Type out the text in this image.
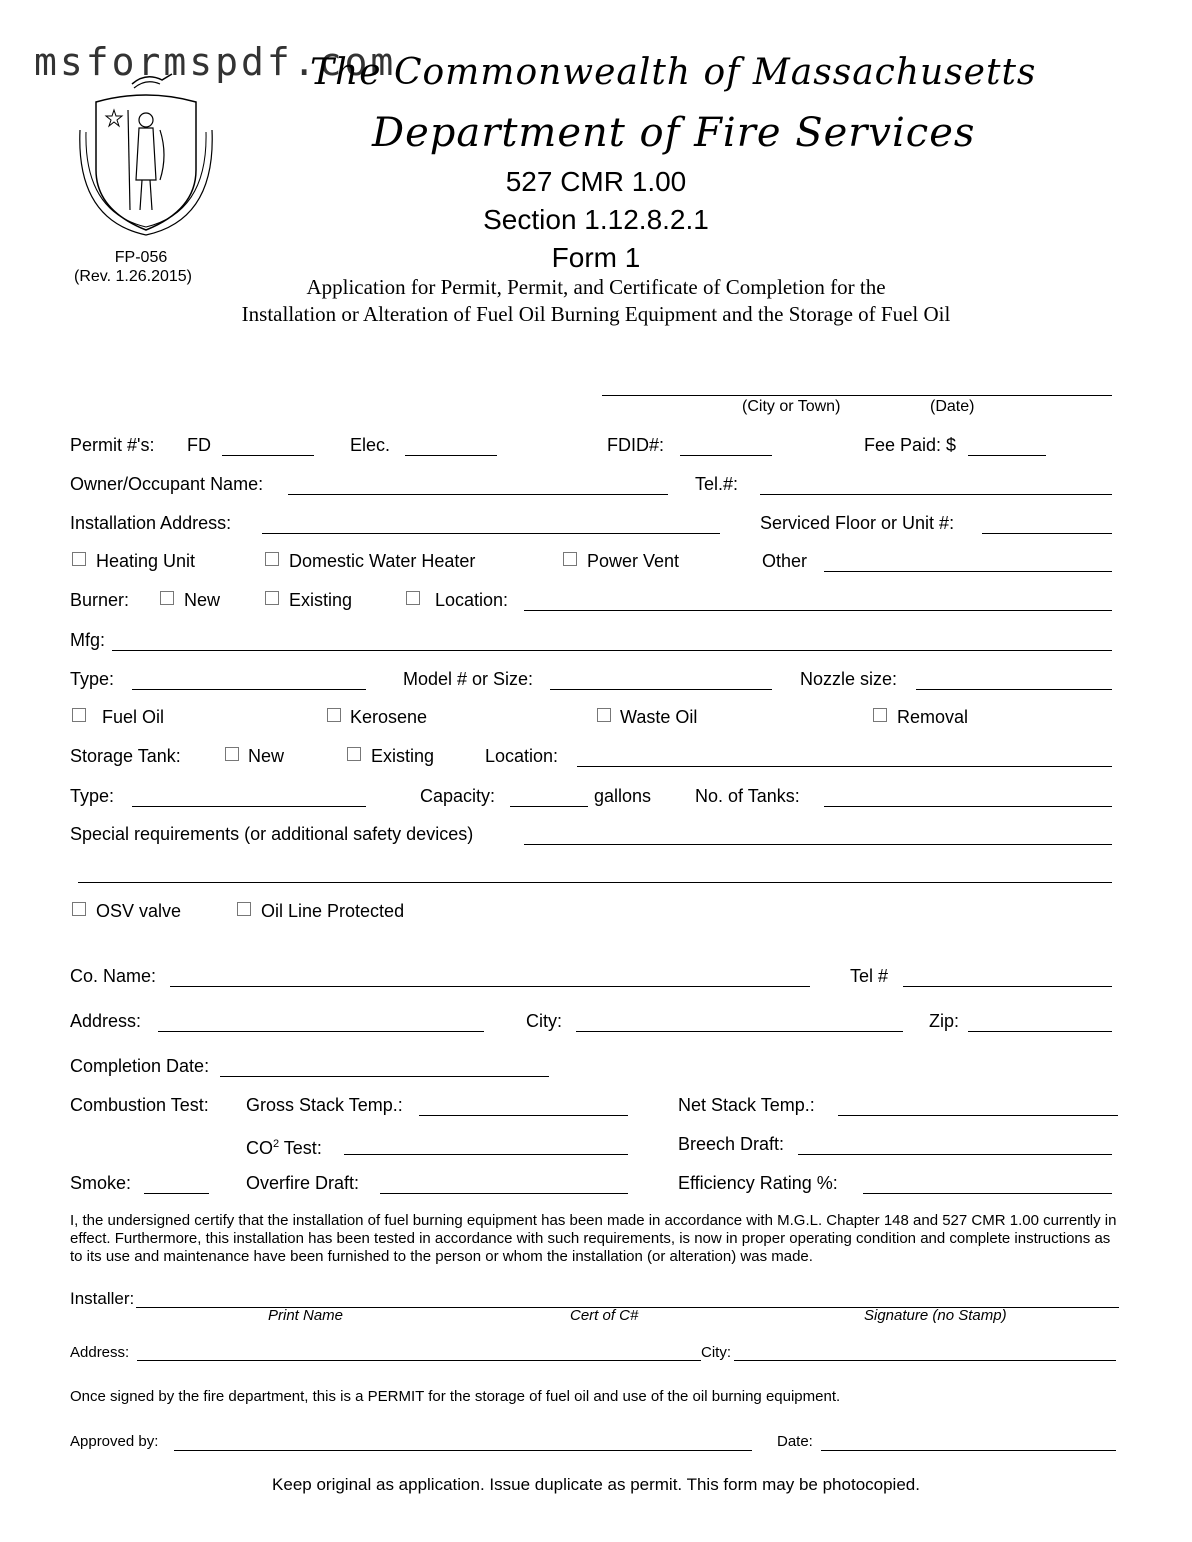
msformspdf.com
The Commonwealth of Massachusetts
Department of Fire Services
527 CMR 1.00
Section 1.12.8.2.1
Form 1
FP-056
(Rev. 1.26.2015)	Application for Permit, Permit, and Certificate of Completion for the
Installation or Alteration of Fuel Oil Burning Equipment and the Storage of Fuel Oil
(City or Town)	(Date)
Permit #'s: FD	Elec.	FDID#:	Fee Paid: $
Owner/Occupant Name:	Tel.#:
Installation Address:	Serviced Floor or Unit #:
Heating Unit	Domestic Water Heater	Power Vent	Other
Burner:	New	Existing	Location:
Mfg:
Type:	Model # or Size:	Nozzle size:
Fuel Oil	Kerosene	Waste Oil	Removal
Storage Tank:	New	Existing	Location:
Type:	Capacity:	gallons No. of Tanks:
Special requirements (or additional safety devices)
OSV valve	Oil Line Protected
Co. Name:	Tel #
Address:	City:	Zip:
Completion Date:
Combustion Test: Gross Stack Temp.:	Net Stack Temp.:
$CO^2$ Test:	Breech Draft:
Smoke:	Overfire Draft:	Efficiency Rating %:
I, the undersigned certify that the installation of fuel burning equipment has been made in accordance with M.G.L. Chapter 148 and 527 CMR 1.00 currently in effect. Furthermore, this installation has been tested in accordance with such requirements, is now in proper operating condition and complete instructions as to its use and maintenance have been furnished to the person or whom the installation (or alteration) was made.
Installer:
Print Name	Cert of C#	Signature (no Stamp)
Address:	City:
Once signed by the fire department, this is a PERMIT for the storage of fuel oil and use of the oil burning equipment.
Approved by:	Date:
Keep original as application. Issue duplicate as permit. This form may be photocopied.
